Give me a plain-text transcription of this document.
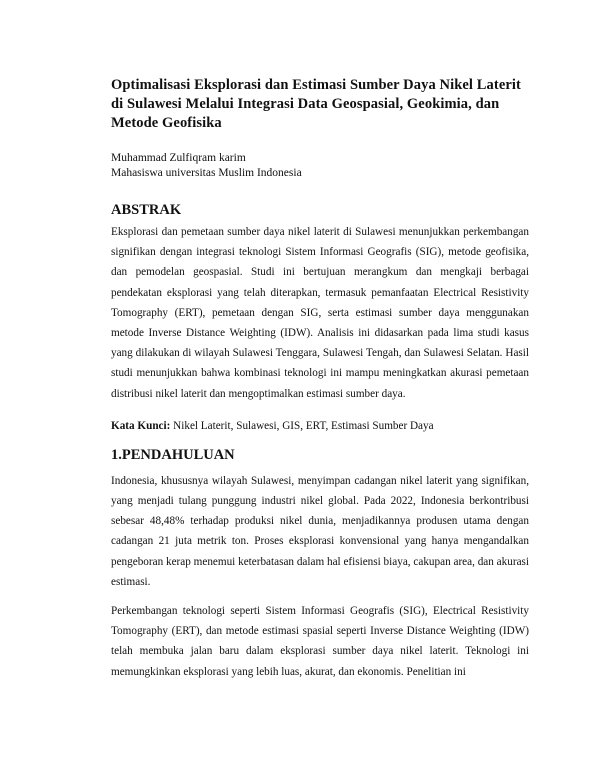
Optimalisasi Eksplorasi dan Estimasi Sumber Daya Nikel Laterit di Sulawesi Melalui Integrasi Data Geospasial, Geokimia, dan Metode Geofisika
Muhammad Zulfiqram karim
Mahasiswa universitas Muslim Indonesia
ABSTRAK

Eksplorasi dan pemetaan sumber daya nikel laterit di Sulawesi menunjukkan perkembangan signifikan dengan integrasi teknologi Sistem Informasi Geografis (SIG), metode geofisika, dan pemodelan geospasial. Studi ini bertujuan merangkum dan mengkaji berbagai pendekatan eksplorasi yang telah diterapkan, termasuk pemanfaatan Electrical Resistivity Tomography (ERT), pemetaan dengan SIG, serta estimasi sumber daya menggunakan metode Inverse Distance Weighting (IDW). Analisis ini didasarkan pada lima studi kasus yang dilakukan di wilayah Sulawesi Tenggara, Sulawesi Tengah, dan Sulawesi Selatan. Hasil studi menunjukkan bahwa kombinasi teknologi ini mampu meningkatkan akurasi pemetaan distribusi nikel laterit dan mengoptimalkan estimasi sumber daya.

Kata Kunci: Nikel Laterit, Sulawesi, GIS, ERT, Estimasi Sumber Daya
1.PENDAHULUAN

Indonesia, khususnya wilayah Sulawesi, menyimpan cadangan nikel laterit yang signifikan, yang menjadi tulang punggung industri nikel global. Pada 2022, Indonesia berkontribusi sebesar 48,48% terhadap produksi nikel dunia, menjadikannya produsen utama dengan cadangan 21 juta metrik ton. Proses eksplorasi konvensional yang hanya mengandalkan pengeboran kerap menemui keterbatasan dalam hal efisiensi biaya, cakupan area, dan akurasi estimasi.

Perkembangan teknologi seperti Sistem Informasi Geografis (SIG), Electrical Resistivity Tomography (ERT), dan metode estimasi spasial seperti Inverse Distance Weighting (IDW) telah membuka jalan baru dalam eksplorasi sumber daya nikel laterit. Teknologi ini memungkinkan eksplorasi yang lebih luas, akurat, dan ekonomis. Penelitian ini
